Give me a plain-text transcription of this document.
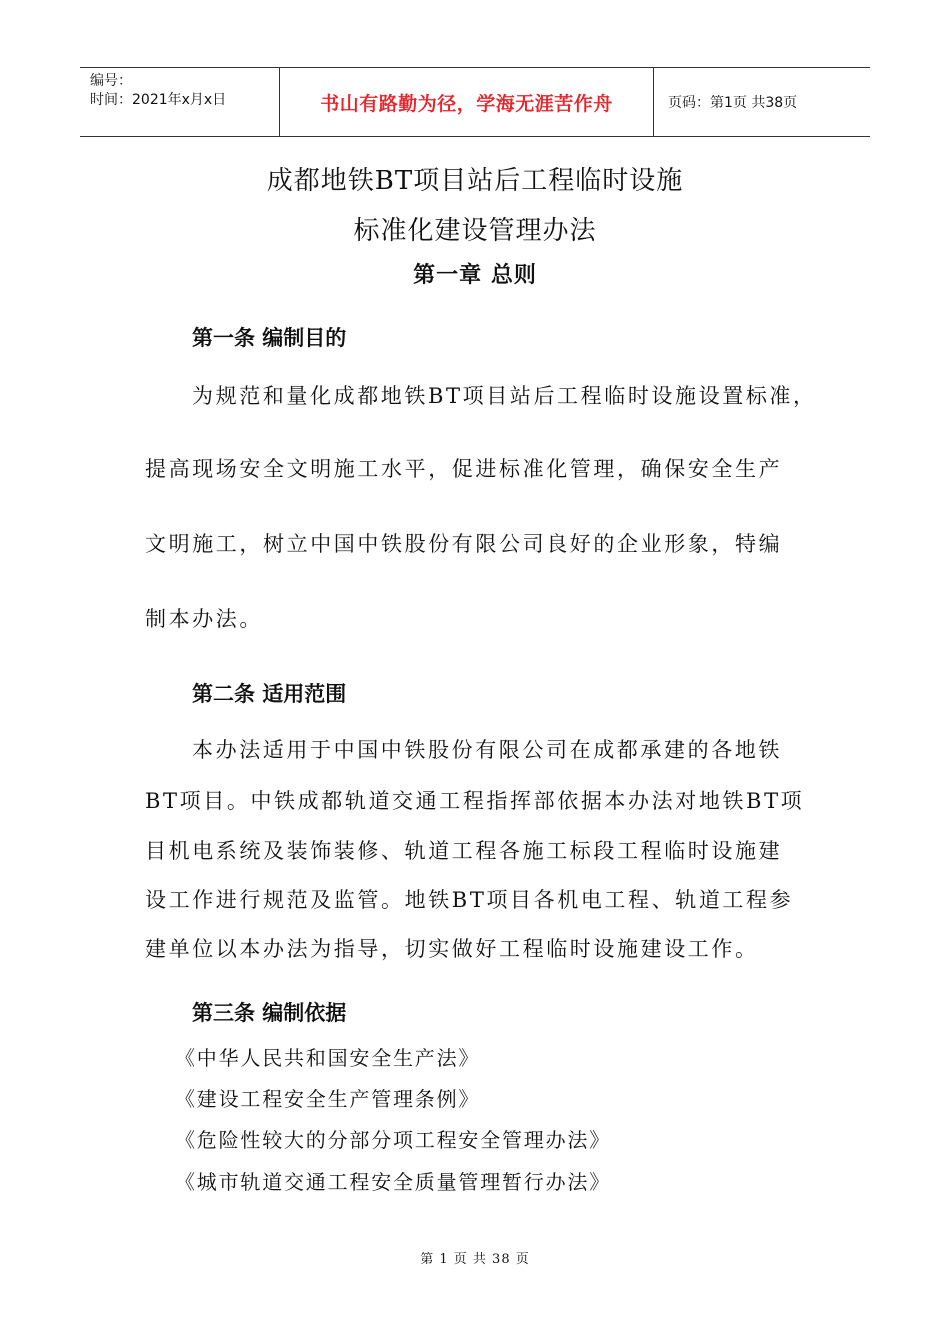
编号：
时间：2021年x月x日	书山有路勤为径，学海无涯苦作舟	页码：第1页 共38页
成都地铁BT项目站后工程临时设施
标准化建设管理办法
第一章 总则
第一条 编制目的
为规范和量化成都地铁BT项目站后工程临时设施设置标准，
提高现场安全文明施工水平，促进标准化管理，确保安全生产
文明施工，树立中国中铁股份有限公司良好的企业形象，特编
制本办法。
第二条 适用范围
本办法适用于中国中铁股份有限公司在成都承建的各地铁
BT项目。中铁成都轨道交通工程指挥部依据本办法对地铁BT项
目机电系统及装饰装修、轨道工程各施工标段工程临时设施建
设工作进行规范及监管。地铁BT项目各机电工程、轨道工程参
建单位以本办法为指导，切实做好工程临时设施建设工作。
第三条 编制依据
《中华人民共和国安全生产法》
《建设工程安全生产管理条例》
《危险性较大的分部分项工程安全管理办法》
《城市轨道交通工程安全质量管理暂行办法》
第 1 页 共 38 页
